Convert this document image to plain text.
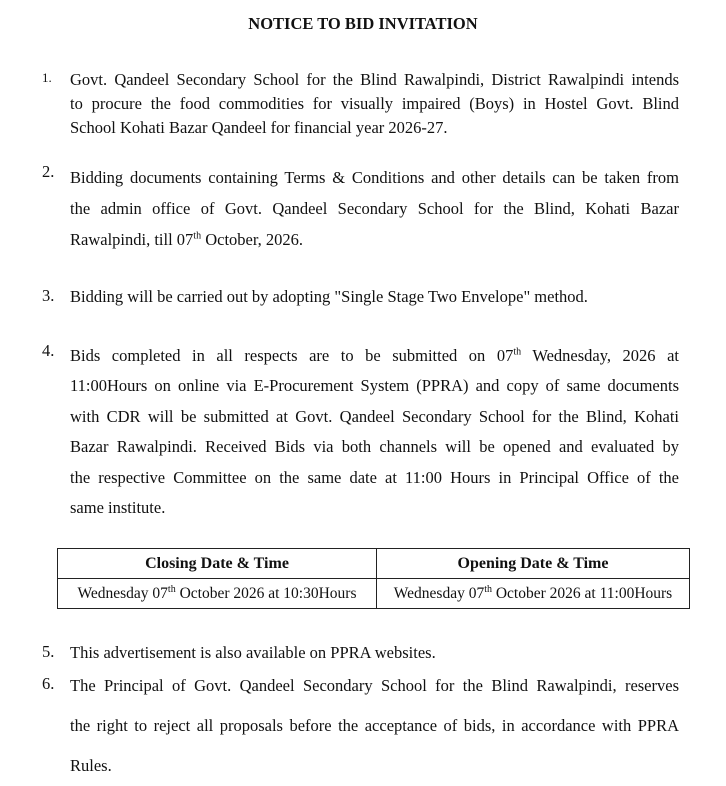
NOTICE TO BID INVITATION
1. Govt. Qandeel Secondary School for the Blind Rawalpindi, District Rawalpindi intends
to procure the food commodities for visually impaired (Boys) in Hostel Govt. Blind
School Kohati Bazar Qandeel for financial year 2026-27.
2. Bidding documents containing Terms & Conditions and other details can be taken from
the admin office of Govt. Qandeel Secondary School for the Blind, Kohati Bazar
Rawalpindi, till 07th October, 2026.
3. Bidding will be carried out by adopting "Single Stage Two Envelope" method.
4. Bids completed in all respects are to be submitted on 07th Wednesday, 2026 at
11:00Hours on online via E-Procurement System (PPRA) and copy of same documents
with CDR will be submitted at Govt. Qandeel Secondary School for the Blind, Kohati
Bazar Rawalpindi. Received Bids via both channels will be opened and evaluated by
the respective Committee on the same date at 11:00 Hours in Principal Office of the
same institute.
Closing Date & Time	Opening Date & Time
Wednesday 07th October 2026 at 10:30Hours	Wednesday 07th October 2026 at 11:00Hours
5. This advertisement is also available on PPRA websites.
6. The Principal of Govt. Qandeel Secondary School for the Blind Rawalpindi, reserves
the right to reject all proposals before the acceptance of bids, in accordance with PPRA
Rules.
